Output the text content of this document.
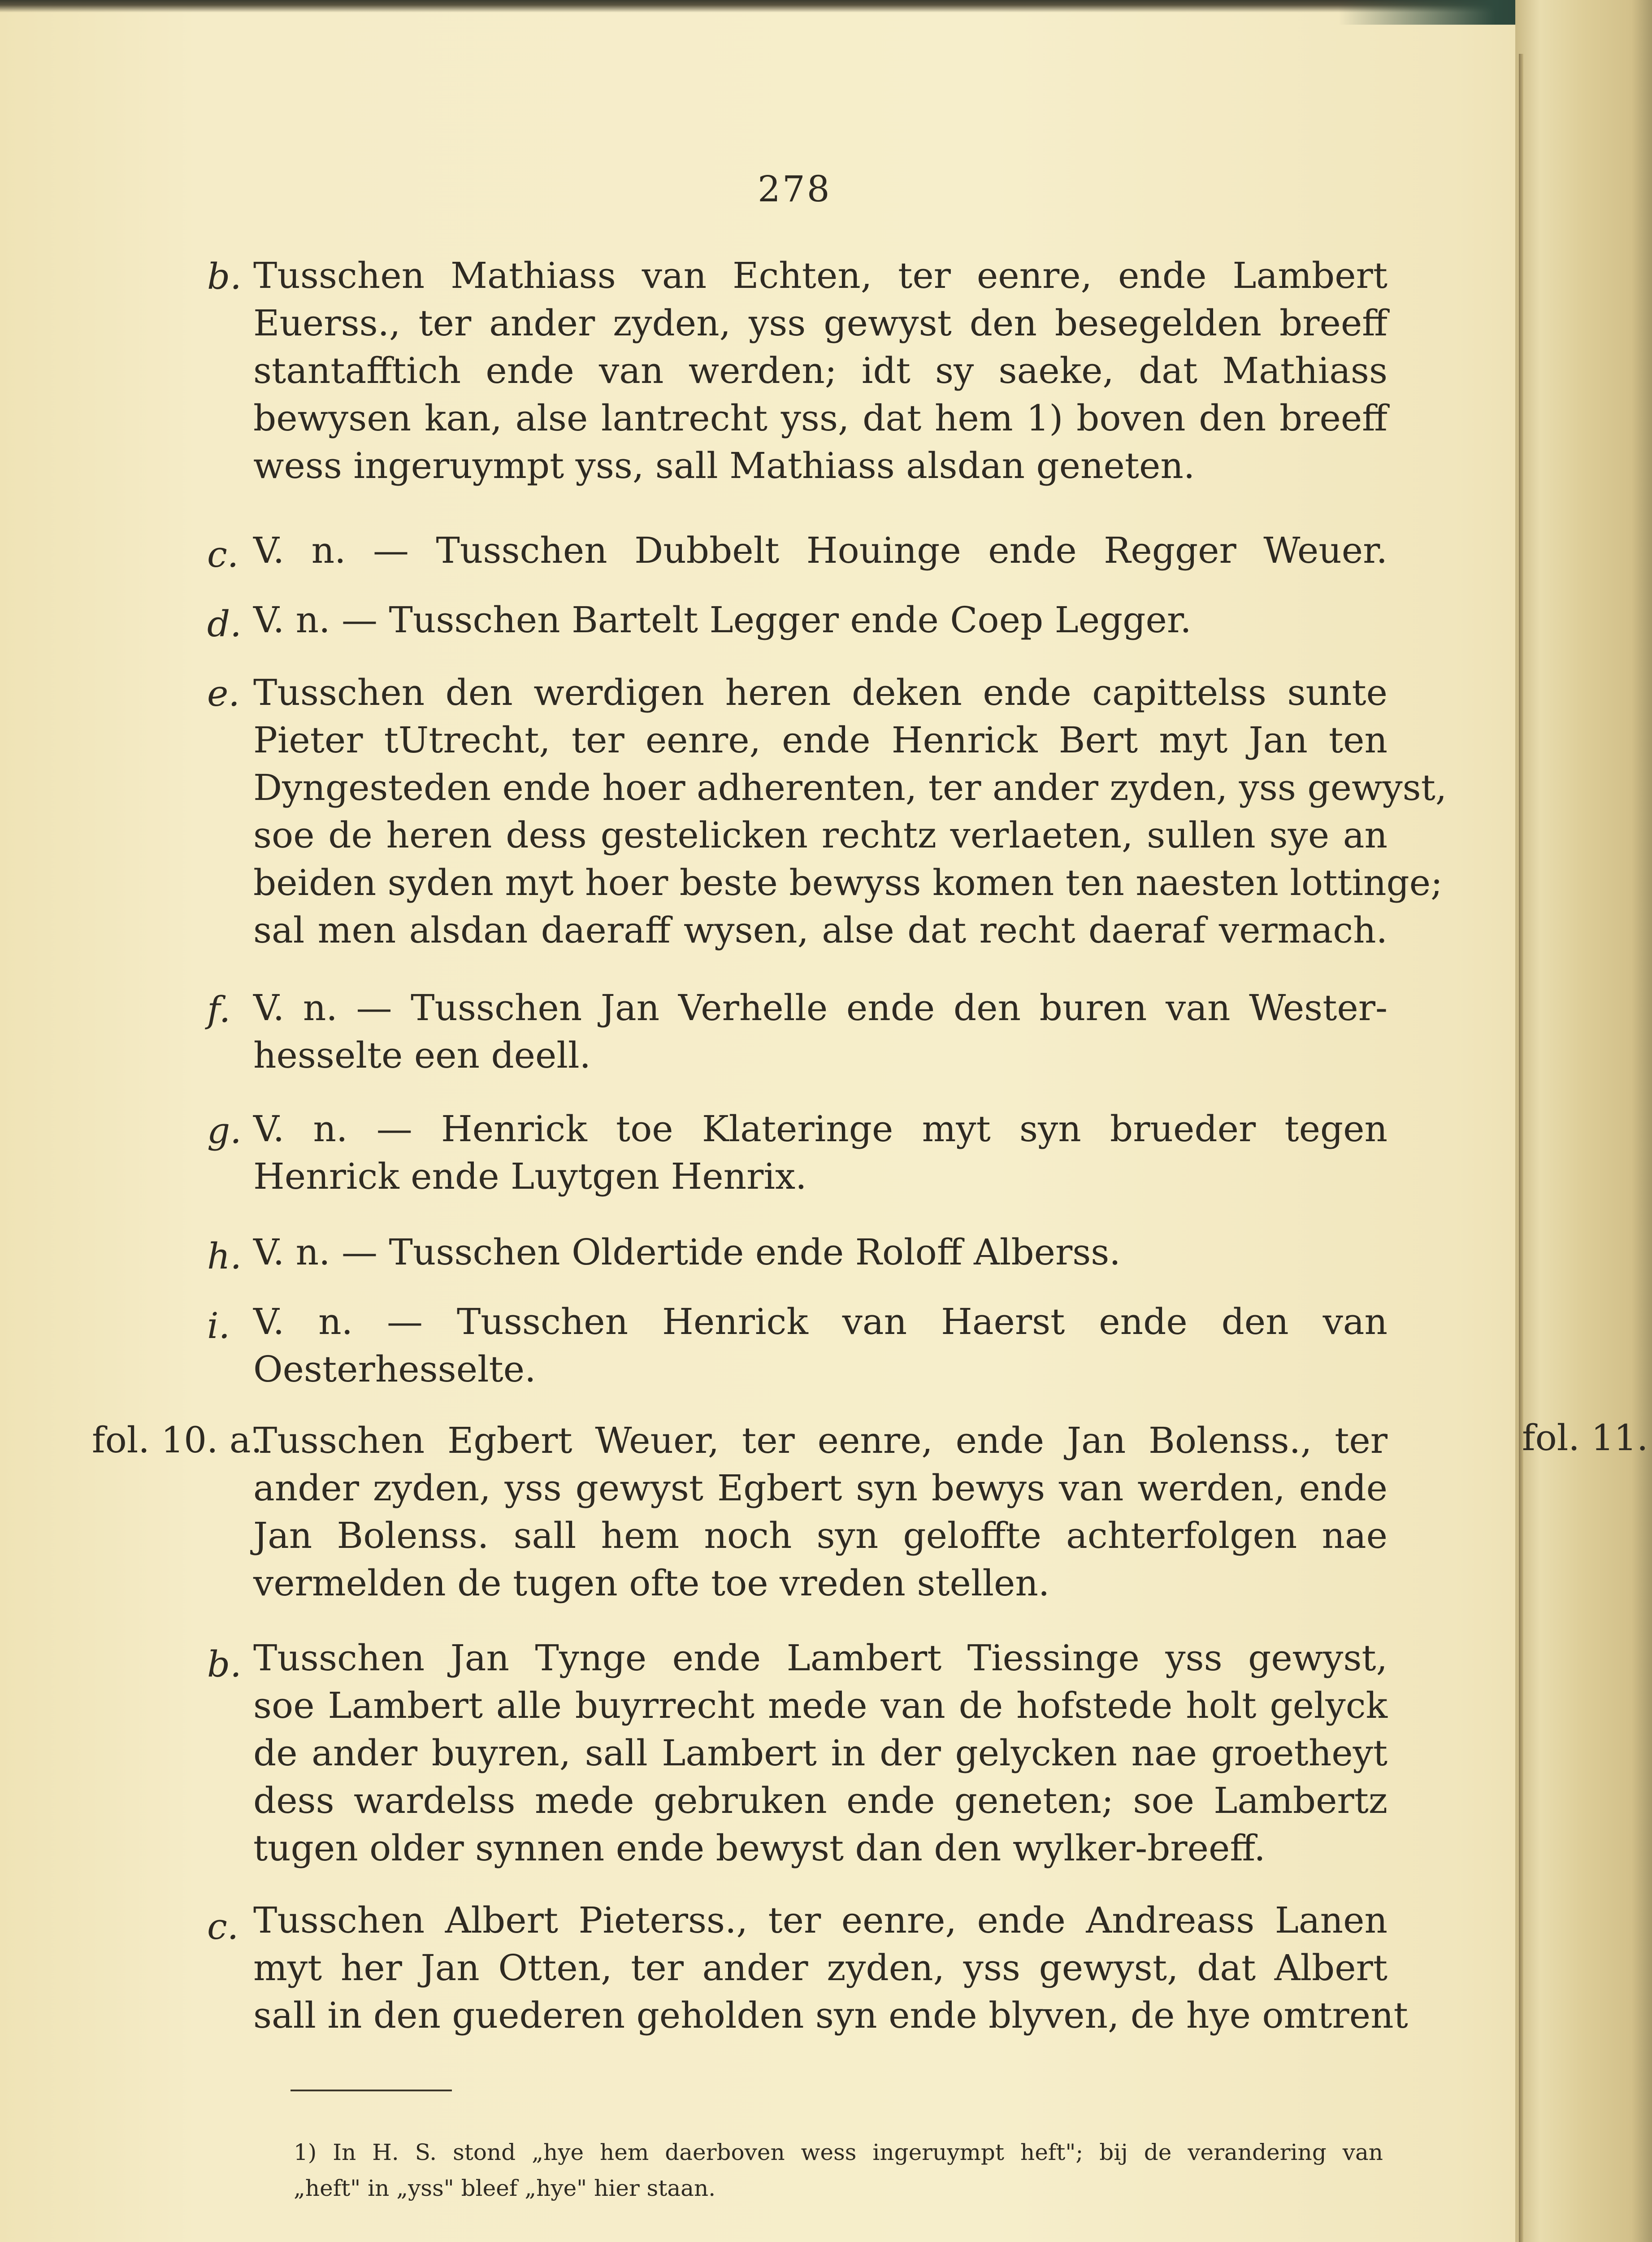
278
b. Tusschen Mathiass van Echten, ter eenre, ende Lambert
Euerss., ter ander zyden, yss gewyst den besegelden breeff
stantafftich ende van werden; idt sy saeke, dat Mathiass
bewysen kan, alse lantrecht yss, dat hem 1) boven den breeff
wess ingeruympt yss, sall Mathiass alsdan geneten.
c. V. n. — Tusschen Dubbelt Houinge ende Regger Weuer.
d. V. n. — Tusschen Bartelt Legger ende Coep Legger.
e. Tusschen den werdigen heren deken ende capittelss sunte
Pieter tUtrecht, ter eenre, ende Henrick Bert myt Jan ten
Dyngesteden ende hoer adherenten, ter ander zyden, yss gewyst,
soe de heren dess gestelicken rechtz verlaeten, sullen sye an
beiden syden myt hoer beste bewyss komen ten naesten lottinge;
sal men alsdan daeraff wysen, alse dat recht daeraf vermach.
f. V. n. — Tusschen Jan Verhelle ende den buren van Wester-
hesselte een deell.
g. V. n. — Henrick toe Klateringe myt syn brueder tegen
Henrick ende Luytgen Henrix.
h. V. n. — Tusschen Oldertide ende Roloff Alberss.
i. V. n. — Tusschen Henrick van Haerst ende den van
Oesterhesselte.
fol. 10. a.
Tusschen Egbert Weuer, ter eenre, ende Jan Bolenss., ter
ander zyden, yss gewyst Egbert syn bewys van werden, ende
Jan Bolenss. sall hem noch syn geloffte achterfolgen nae
vermelden de tugen ofte toe vreden stellen.
fol. 11.
b. Tusschen Jan Tynge ende Lambert Tiessinge yss gewyst,
soe Lambert alle buyrrecht mede van de hofstede holt gelyck
de ander buyren, sall Lambert in der gelycken nae groetheyt
dess wardelss mede gebruken ende geneten; soe Lambertz
tugen older synnen ende bewyst dan den wylker-breeff.
c. Tusschen Albert Pieterss., ter eenre, ende Andreass Lanen
myt her Jan Otten, ter ander zyden, yss gewyst, dat Albert
sall in den guederen geholden syn ende blyven, de hye omtrent
1) In H. S. stond „hye hem daerboven wess ingeruympt heft"; bij de verandering van
„heft" in „yss" bleef „hye" hier staan.
